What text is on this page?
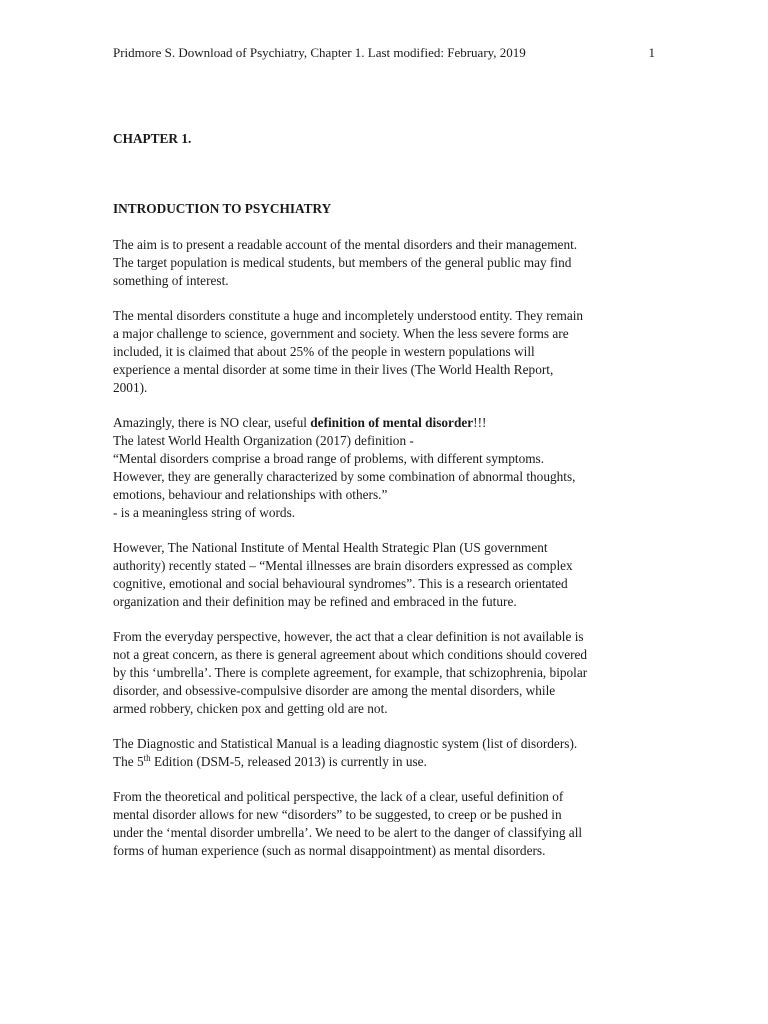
Pridmore S. Download of Psychiatry, Chapter 1. Last modified: February, 2019	1
CHAPTER 1.
INTRODUCTION TO PSYCHIATRY

The aim is to present a readable account of the mental disorders and their management.
The target population is medical students, but members of the general public may find
something of interest.

The mental disorders constitute a huge and incompletely understood entity. They remain
a major challenge to science, government and society. When the less severe forms are
included, it is claimed that about 25% of the people in western populations will
experience a mental disorder at some time in their lives (The World Health Report,
2001).

Amazingly, there is NO clear, useful definition of mental disorder!!!
The latest World Health Organization (2017) definition -
“Mental disorders comprise a broad range of problems, with different symptoms.
However, they are generally characterized by some combination of abnormal thoughts,
emotions, behaviour and relationships with others.”
- is a meaningless string of words.

However, The National Institute of Mental Health Strategic Plan (US government
authority) recently stated – “Mental illnesses are brain disorders expressed as complex
cognitive, emotional and social behavioural syndromes”. This is a research orientated
organization and their definition may be refined and embraced in the future.

From the everyday perspective, however, the act that a clear definition is not available is
not a great concern, as there is general agreement about which conditions should covered
by this ‘umbrella’. There is complete agreement, for example, that schizophrenia, bipolar
disorder, and obsessive-compulsive disorder are among the mental disorders, while
armed robbery, chicken pox and getting old are not.

The Diagnostic and Statistical Manual is a leading diagnostic system (list of disorders).
The 5th Edition (DSM-5, released 2013) is currently in use.

From the theoretical and political perspective, the lack of a clear, useful definition of
mental disorder allows for new “disorders” to be suggested, to creep or be pushed in
under the ‘mental disorder umbrella’. We need to be alert to the danger of classifying all
forms of human experience (such as normal disappointment) as mental disorders.
